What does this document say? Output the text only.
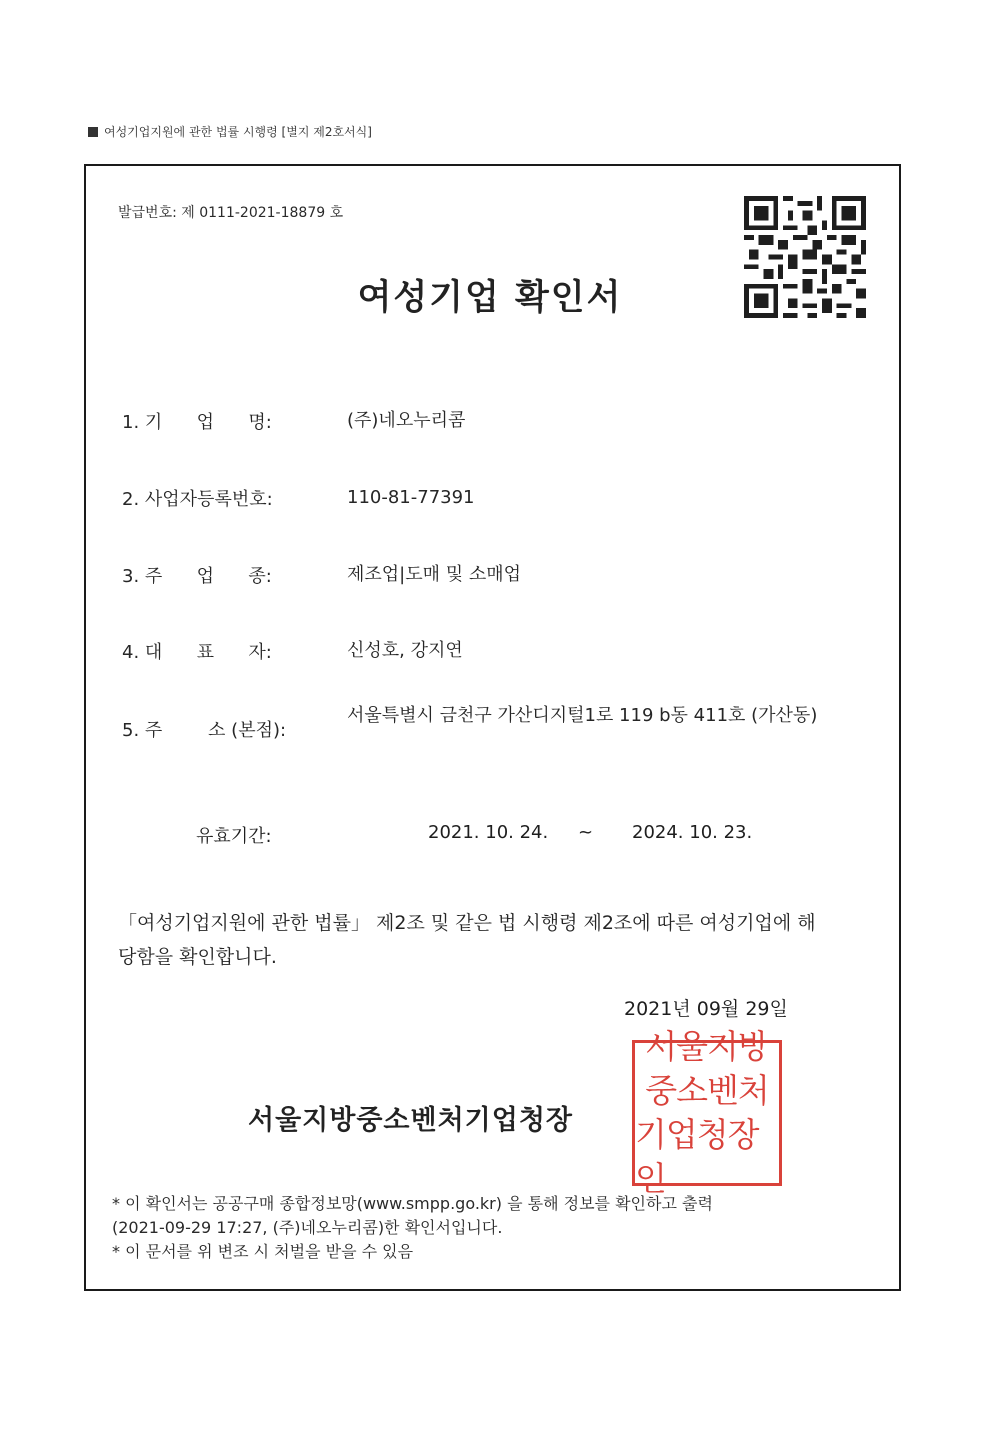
여성기업지원에 관한 법률 시행령 [별지 제2호서식]
발급번호: 제 0111-2021-18879 호
여성기업 확인서
1. 기      업      명:	(주)네오누리콤
2. 사업자등록번호:	110-81-77391
3. 주      업      종:	제조업|도매 및 소매업
4. 대      표      자:	신성호, 강지연
5. 주        소 (본점):
서울특별시 금천구 가산디지털1로 119 b동 411호 (가산동)
유효기간:	2021. 10. 24. ~ 2024. 10. 23.
「여성기업지원에 관한 법률」 제2조 및 같은 법 시행령 제2조에 따른 여성기업에 해당함을 확인합니다.
2021년 09월 29일
서울지방중소벤처기업청장
서울지방
중소벤처
기업청장인
* 이 확인서는 공공구매 종합정보망(www.smpp.go.kr) 을 통해 정보를 확인하고 출력
(2021-09-29 17:27, (주)네오누리콤)한 확인서입니다.
* 이 문서를 위 변조 시 처벌을 받을 수 있음
